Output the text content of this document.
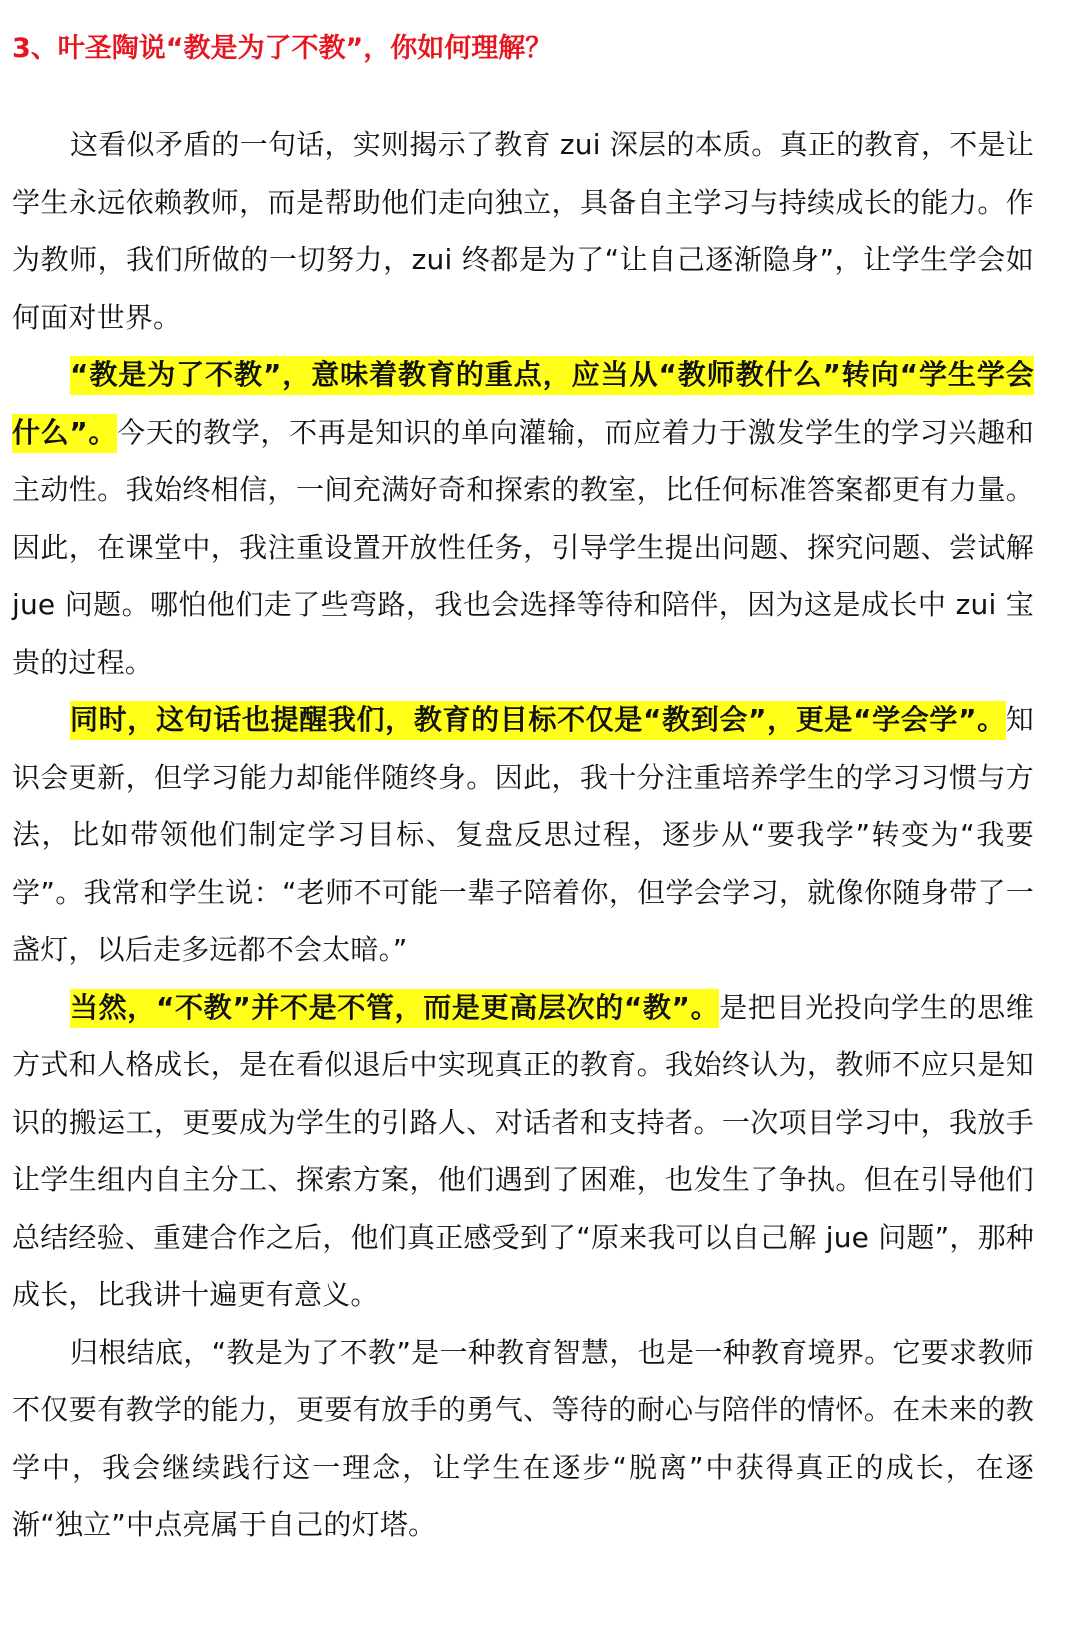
3、叶圣陶说“教是为了不教”，你如何理解？

这看似矛盾的一句话，实则揭示了教育 zui 深层的本质。真正的教育，不是让学生永远依赖教师，而是帮助他们走向独立，具备自主学习与持续成长的能力。作为教师，我们所做的一切努力，zui 终都是为了“让自己逐渐隐身”，让学生学会如何面对世界。

“教是为了不教”，意味着教育的重点，应当从“教师教什么”转向“学生学会什么”。今天的教学，不再是知识的单向灌输，而应着力于激发学生的学习兴趣和主动性。我始终相信，一间充满好奇和探索的教室，比任何标准答案都更有力量。因此，在课堂中，我注重设置开放性任务，引导学生提出问题、探究问题、尝试解 jue 问题。哪怕他们走了些弯路，我也会选择等待和陪伴，因为这是成长中 zui 宝贵的过程。

同时，这句话也提醒我们，教育的目标不仅是“教到会”，更是“学会学”。知识会更新，但学习能力却能伴随终身。因此，我十分注重培养学生的学习习惯与方法，比如带领他们制定学习目标、复盘反思过程，逐步从“要我学”转变为“我要学”。我常和学生说：“老师不可能一辈子陪着你，但学会学习，就像你随身带了一盏灯，以后走多远都不会太暗。”

当然，“不教”并不是不管，而是更高层次的“教”。是把目光投向学生的思维方式和人格成长，是在看似退后中实现真正的教育。我始终认为，教师不应只是知识的搬运工，更要成为学生的引路人、对话者和支持者。一次项目学习中，我放手让学生组内自主分工、探索方案，他们遇到了困难，也发生了争执。但在引导他们总结经验、重建合作之后，他们真正感受到了“原来我可以自己解 jue 问题”，那种成长，比我讲十遍更有意义。

归根结底，“教是为了不教”是一种教育智慧，也是一种教育境界。它要求教师不仅要有教学的能力，更要有放手的勇气、等待的耐心与陪伴的情怀。在未来的教学中，我会继续践行这一理念，让学生在逐步“脱离”中获得真正的成长，在逐渐“独立”中点亮属于自己的灯塔。
